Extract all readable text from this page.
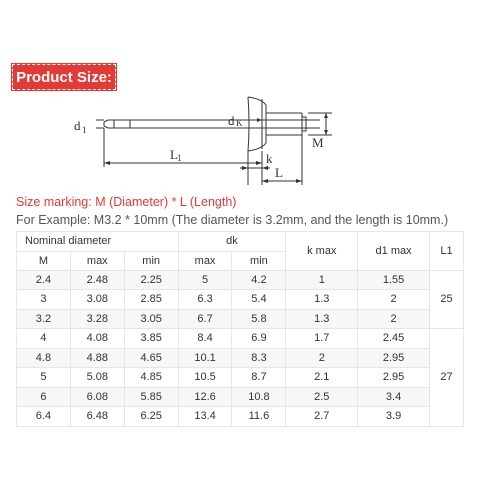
Product Size:
d 1
d K
M
L 1	k
L
Size marking: M (Diameter) * L (Length)
For Example: M3.2 * 10mm (The diameter is 3.2mm, and the length is 10mm.)
Nominal diameter			dk		k max	d1 max	L1
M	max	min	max	min			
2.4	2.48	2.25	5	4.2	1	1.55	25
3	3.08	2.85	6.3	5.4	1.3	2	
3.2	3.28	3.05	6.7	5.8	1.3	2	
4	4.08	3.85	8.4	6.9	1.7	2.45	27
4.8	4.88	4.65	10.1	8.3	2	2.95	
5	5.08	4.85	10.5	8.7	2.1	2.95	
6	6.08	5.85	12.6	10.8	2.5	3.4	
6.4	6.48	6.25	13.4	11.6	2.7	3.9	
